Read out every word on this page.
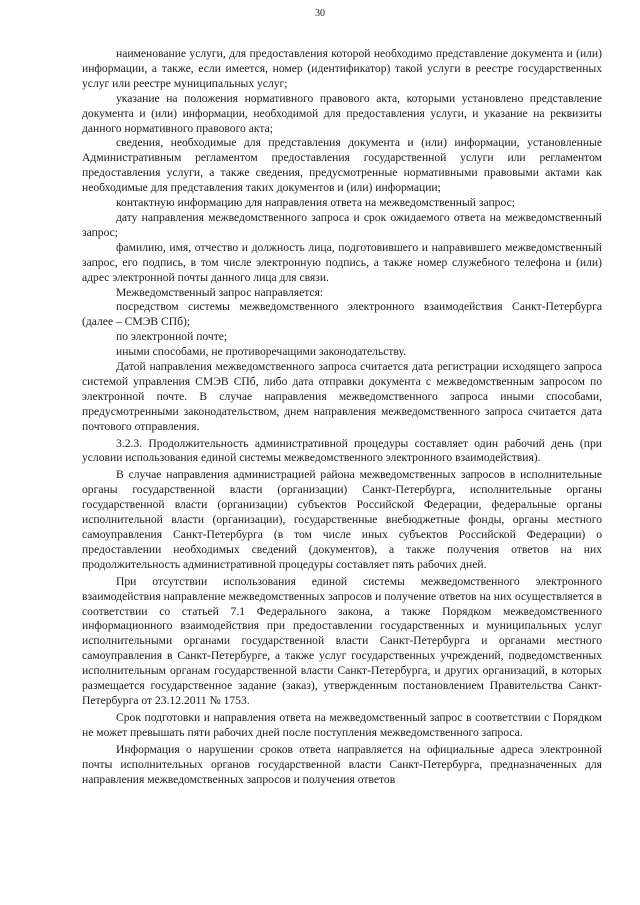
30

наименование услуги, для предоставления которой необходимо представление документа и (или) информации, а также, если имеется, номер (идентификатор) такой услуги в реестре государственных услуг или реестре муниципальных услуг;

указание на положения нормативного правового акта, которыми установлено представление документа и (или) информации, необходимой для предоставления услуги, и указание на реквизиты данного нормативного правового акта;

сведения, необходимые для представления документа и (или) информации, установленные Административным регламентом предоставления государственной услуги или регламентом предоставления услуги, а также сведения, предусмотренные нормативными правовыми актами как необходимые для представления таких документов и (или) информации;

контактную информацию для направления ответа на межведомственный запрос;

дату направления межведомственного запроса и срок ожидаемого ответа на межведомственный запрос;

фамилию, имя, отчество и должность лица, подготовившего и направившего межведомственный запрос, его подпись, в том числе электронную подпись, а также номер служебного телефона и (или) адрес электронной почты данного лица для связи.

Межведомственный запрос направляется:

посредством системы межведомственного электронного взаимодействия Санкт-Петербурга (далее – СМЭВ СПб);

по электронной почте;

иными способами, не противоречащими законодательству.

Датой направления межведомственного запроса считается дата регистрации исходящего запроса системой управления СМЭВ СПб, либо дата отправки документа с межведомственным запросом по электронной почте. В случае направления межведомственного запроса иными способами, предусмотренными законодательством, днем направления межведомственного запроса считается дата почтового отправления.

3.2.3. Продолжительность административной процедуры составляет один рабочий день (при условии использования единой системы межведомственного электронного взаимодействия).

В случае направления администрацией района межведомственных запросов в исполнительные органы государственной власти (организации) Санкт-Петербурга, исполнительные органы государственной власти (организации) субъектов Российской Федерации, федеральные органы исполнительной власти (организации), государственные внебюджетные фонды, органы местного самоуправления Санкт-Петербурга (в том числе иных субъектов Российской Федерации) о предоставлении необходимых сведений (документов), а также получения ответов на них продолжительность административной процедуры составляет пять рабочих дней.

При отсутствии использования единой системы межведомственного электронного взаимодействия направление межведомственных запросов и получение ответов на них осуществляется в соответствии со статьей 7.1 Федерального закона, а также Порядком межведомственного информационного взаимодействия при предоставлении государственных и муниципальных услуг исполнительными органами государственной власти Санкт-Петербурга и органами местного самоуправления в Санкт-Петербурге, а также услуг государственных учреждений, подведомственных исполнительным органам государственной власти Санкт-Петербурга, и других организаций, в которых размещается государственное задание (заказ), утвержденным постановлением Правительства Санкт-Петербурга от 23.12.2011 № 1753.

Срок подготовки и направления ответа на межведомственный запрос в соответствии с Порядком не может превышать пяти рабочих дней после поступления межведомственного запроса.

Информация о нарушении сроков ответа направляется на официальные адреса электронной почты исполнительных органов государственной власти Санкт-Петербурга, предназначенных для направления межведомственных запросов и получения ответов
